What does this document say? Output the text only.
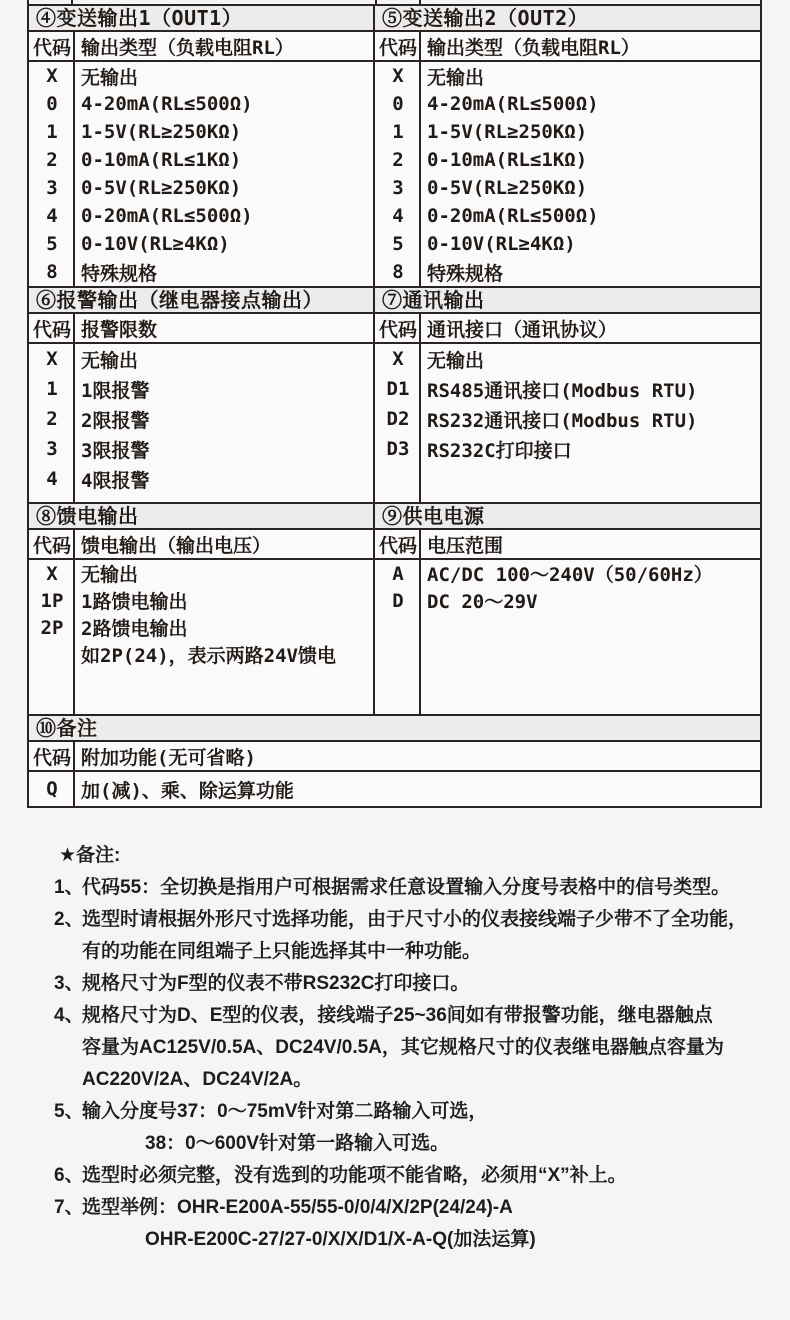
④变送输出1（OUT1）
代码 输出类型（负载电阻RL）
X	无输出
0	4-20mA(RL≤500Ω)
1	1-5V(RL≥250KΩ)
2	0-10mA(RL≤1KΩ)
3	0-5V(RL≥250KΩ)
4	0-20mA(RL≤500Ω)
5	0-10V(RL≥4KΩ)
8	特殊规格
⑤变送输出2（OUT2）
代码 输出类型（负载电阻RL）
X	无输出
0	4-20mA(RL≤500Ω)
1	1-5V(RL≥250KΩ)
2	0-10mA(RL≤1KΩ)
3	0-5V(RL≥250KΩ)
4	0-20mA(RL≤500Ω)
5	0-10V(RL≥4KΩ)
8	特殊规格
⑥报警输出（继电器接点输出）
代码 报警限数
X	无输出
1	1限报警
2	2限报警
3	3限报警
4	4限报警
⑦通讯输出
代码 通讯接口（通讯协议）
X	无输出
D1 RS485通讯接口(Modbus RTU)
D2 RS232通讯接口(Modbus RTU)
D3 RS232C打印接口
⑧馈电输出
代码 馈电输出（输出电压）
X	无输出
1P 1路馈电输出
2P 2路馈电输出
如2P(24)，表示两路24V馈电
⑨供电电源
代码 电压范围
A	AC/DC 100～240V（50/60Hz）
D	DC 20～29V
⑩备注
代码 附加功能(无可省略)
Q	加(减)、乘、除运算功能
★备注:
1、
代码55：全切换是指用户可根据需求任意设置输入分度号表格中的信号类型。
2、
选型时请根据外形尺寸选择功能，由于尺寸小的仪表接线端子少带不了全功能，
有的功能在同组端子上只能选择其中一种功能。
3、
规格尺寸为F型的仪表不带RS232C打印接口。
4、
规格尺寸为D、E型的仪表，接线端子25~36间如有带报警功能，继电器触点
容量为AC125V/0.5A、DC24V/0.5A，其它规格尺寸的仪表继电器触点容量为
AC220V/2A、DC24V/2A。
5、
输入分度号37：0～75mV针对第二路输入可选，
38：0～600V针对第一路输入可选。
6、
选型时必须完整，没有选到的功能项不能省略，必须用“X”补上。
7、
选型举例：OHR-E200A-55/55-0/0/4/X/2P(24/24)-A
OHR-E200C-27/27-0/X/X/D1/X-A-Q(加法运算)
